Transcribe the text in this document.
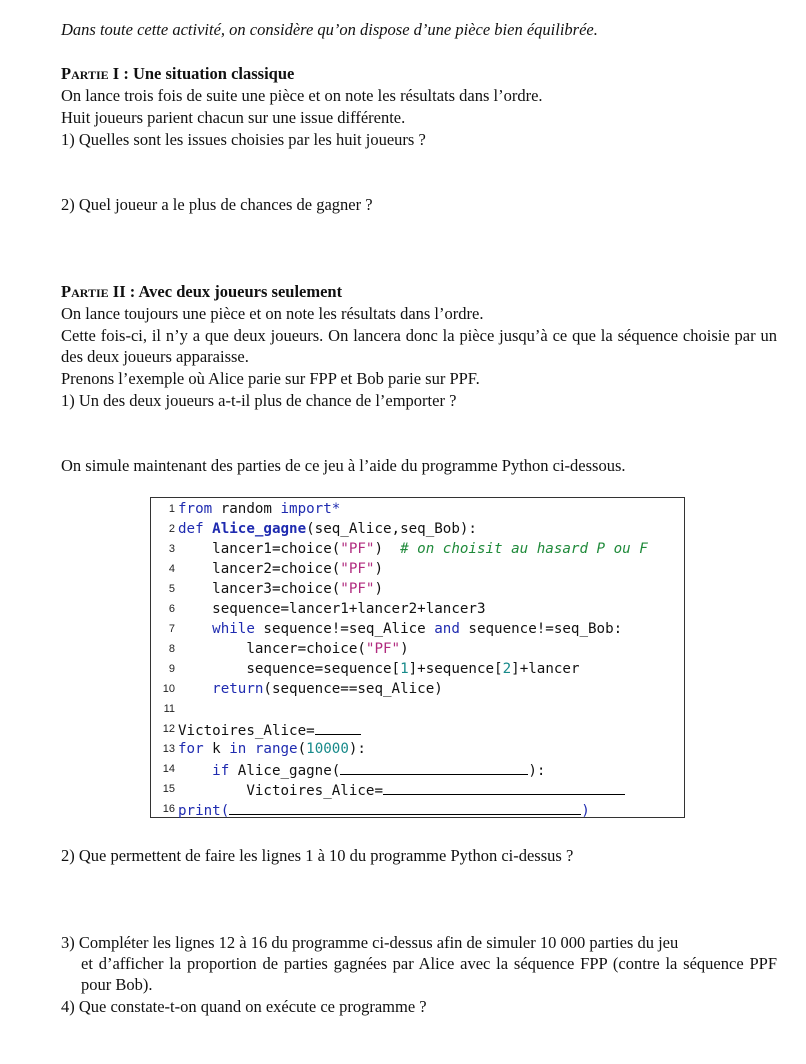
Dans toute cette activité, on considère qu’on dispose d’une pièce bien équilibrée.
Partie I : Une situation classique
On lance trois fois de suite une pièce et on note les résultats dans l’ordre.
Huit joueurs parient chacun sur une issue différente.
1) Quelles sont les issues choisies par les huit joueurs ?
2) Quel joueur a le plus de chances de gagner ?
Partie II : Avec deux joueurs seulement
On lance toujours une pièce et on note les résultats dans l’ordre.
Cette fois-ci, il n’y a que deux joueurs. On lancera donc la pièce jusqu’à ce que la séquence choisie par un des deux joueurs apparaisse.
Prenons l’exemple où Alice parie sur FPP et Bob parie sur PPF.
1) Un des deux joueurs a-t-il plus de chance de l’emporter ?
On simule maintenant des parties de ce jeu à l’aide du programme Python ci-dessous.
1 from random import*
2 def Alice_gagne(seq_Alice,seq_Bob):
3    lancer1=choice("PF")  # on choisit au hasard P ou F
4    lancer2=choice("PF")
5    lancer3=choice("PF")
6    sequence=lancer1+lancer2+lancer3
7	while sequence!=seq_Alice and sequence!=seq_Bob:
8        lancer=choice("PF")
9        sequence=sequence[1]+sequence[2]+lancer
10	return(sequence==seq_Alice)
11
12 Victoires_Alice=
13 for k in range(10000):
14	if Alice_gagne(	):
15        Victoires_Alice=
16 print(	)
2) Que permettent de faire les lignes 1 à 10 du programme Python ci-dessus ?
3) Compléter les lignes 12 à 16 du programme ci-dessus afin de simuler 10 000 parties du jeu
et d’afficher la proportion de parties gagnées par Alice avec la séquence FPP (contre la séquence PPF pour Bob).
4) Que constate-t-on quand on exécute ce programme ?
